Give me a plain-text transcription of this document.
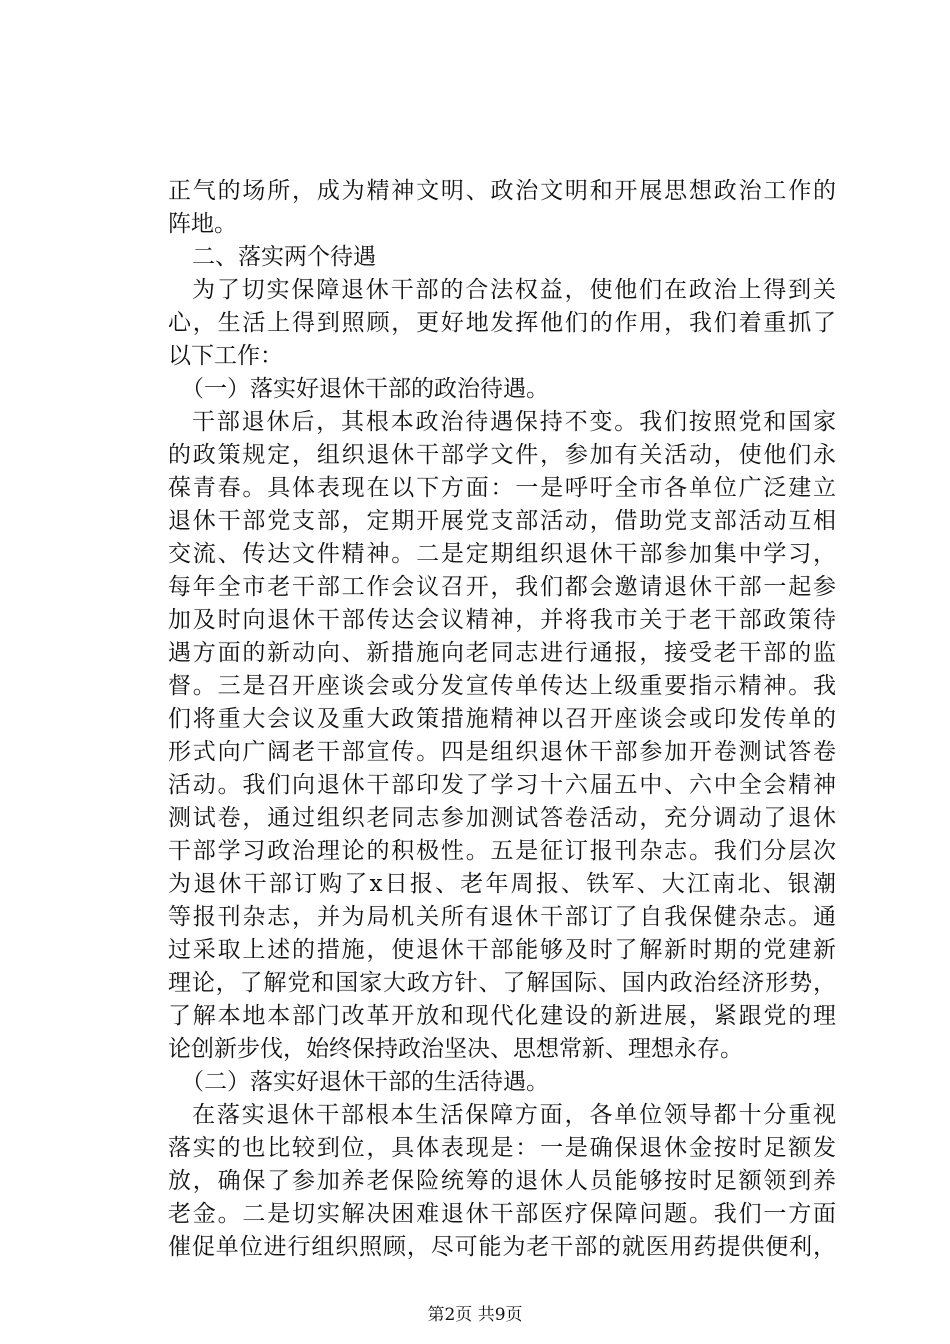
正气的场所，成为精神文明、政治文明和开展思想政治工作的
阵地。
二、落实两个待遇
为了切实保障退休干部的合法权益，使他们在政治上得到关
心，生活上得到照顾，更好地发挥他们的作用，我们着重抓了
以下工作：
（一）落实好退休干部的政治待遇。
干部退休后，其根本政治待遇保持不变。我们按照党和国家
的政策规定，组织退休干部学文件，参加有关活动，使他们永
葆青春。具体表现在以下方面：一是呼吁全市各单位广泛建立
退休干部党支部，定期开展党支部活动，借助党支部活动互相
交流、传达文件精神。二是定期组织退休干部参加集中学习，
每年全市老干部工作会议召开，我们都会邀请退休干部一起参
加及时向退休干部传达会议精神，并将我市关于老干部政策待
遇方面的新动向、新措施向老同志进行通报，接受老干部的监
督。三是召开座谈会或分发宣传单传达上级重要指示精神。我
们将重大会议及重大政策措施精神以召开座谈会或印发传单的
形式向广阔老干部宣传。四是组织退休干部参加开卷测试答卷
活动。我们向退休干部印发了学习十六届五中、六中全会精神
测试卷，通过组织老同志参加测试答卷活动，充分调动了退休
干部学习政治理论的积极性。五是征订报刊杂志。我们分层次
为退休干部订购了x日报、老年周报、铁军、大江南北、银潮
等报刊杂志，并为局机关所有退休干部订了自我保健杂志。通
过采取上述的措施，使退休干部能够及时了解新时期的党建新
理论，了解党和国家大政方针、了解国际、国内政治经济形势，
了解本地本部门改革开放和现代化建设的新进展，紧跟党的理
论创新步伐，始终保持政治坚决、思想常新、理想永存。
（二）落实好退休干部的生活待遇。
在落实退休干部根本生活保障方面，各单位领导都十分重视
落实的也比较到位，具体表现是：一是确保退休金按时足额发
放，确保了参加养老保险统筹的退休人员能够按时足额领到养
老金。二是切实解决困难退休干部医疗保障问题。我们一方面
催促单位进行组织照顾，尽可能为老干部的就医用药提供便利，
第2页 共9页
